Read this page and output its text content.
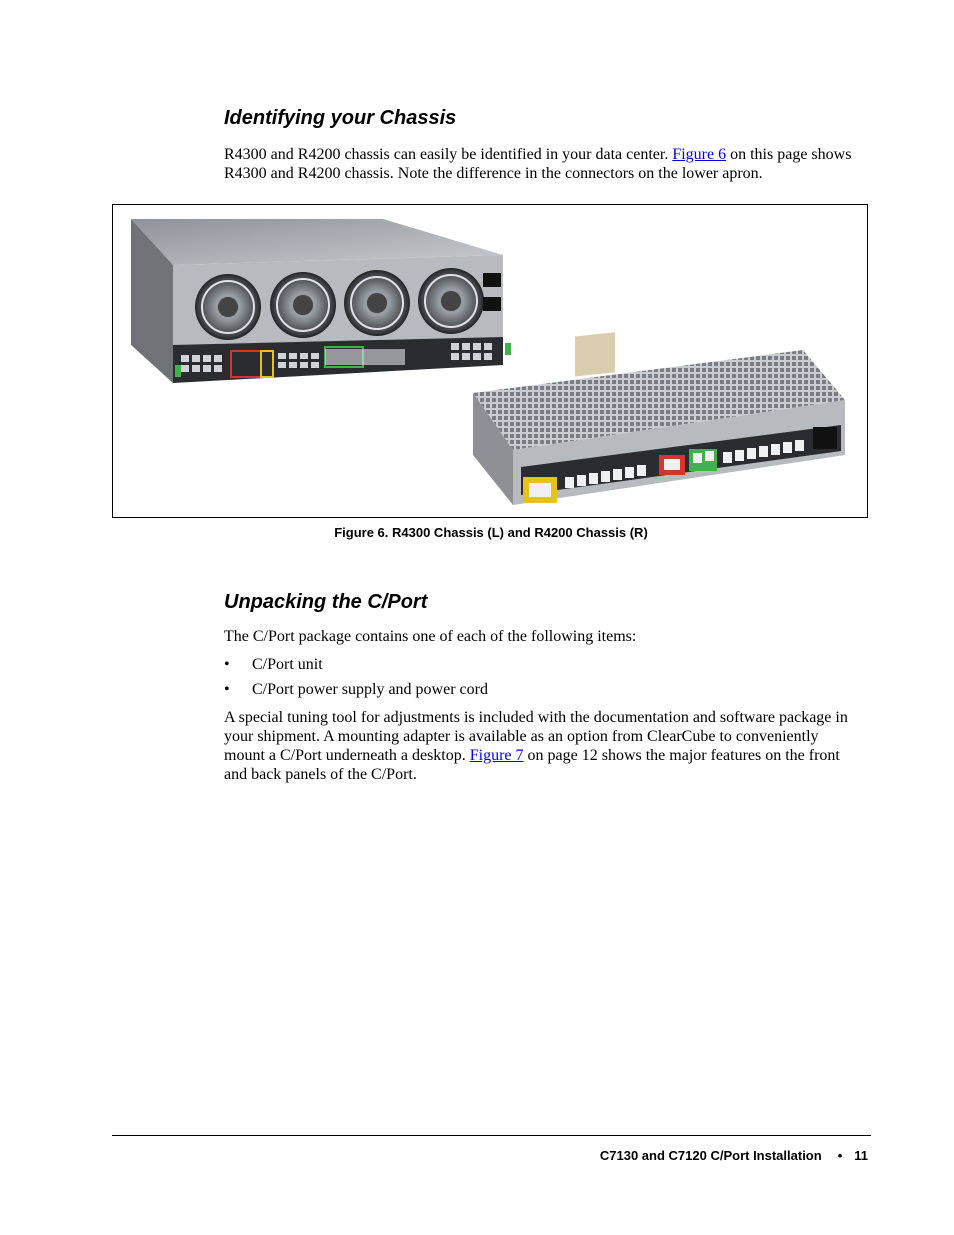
Identifying your Chassis

R4300 and R4200 chassis can easily be identified in your data center. Figure 6 on this page shows R4300 and R4200 chassis. Note the difference in the connectors on the lower apron.

Figure 6. R4300 Chassis (L) and R4200 Chassis (R)
Unpacking the C/Port

The C/Port package contains one of each of the following items:

• C/Port unit
• C/Port power supply and power cord

A special tuning tool for adjustments is included with the documentation and software package in your shipment. A mounting adapter is available as an option from ClearCube to conveniently mount a C/Port underneath a desktop. Figure 7 on page 12 shows the major features on the front and back panels of the C/Port.

C7130 and C7120 C/Port Installation • 11
